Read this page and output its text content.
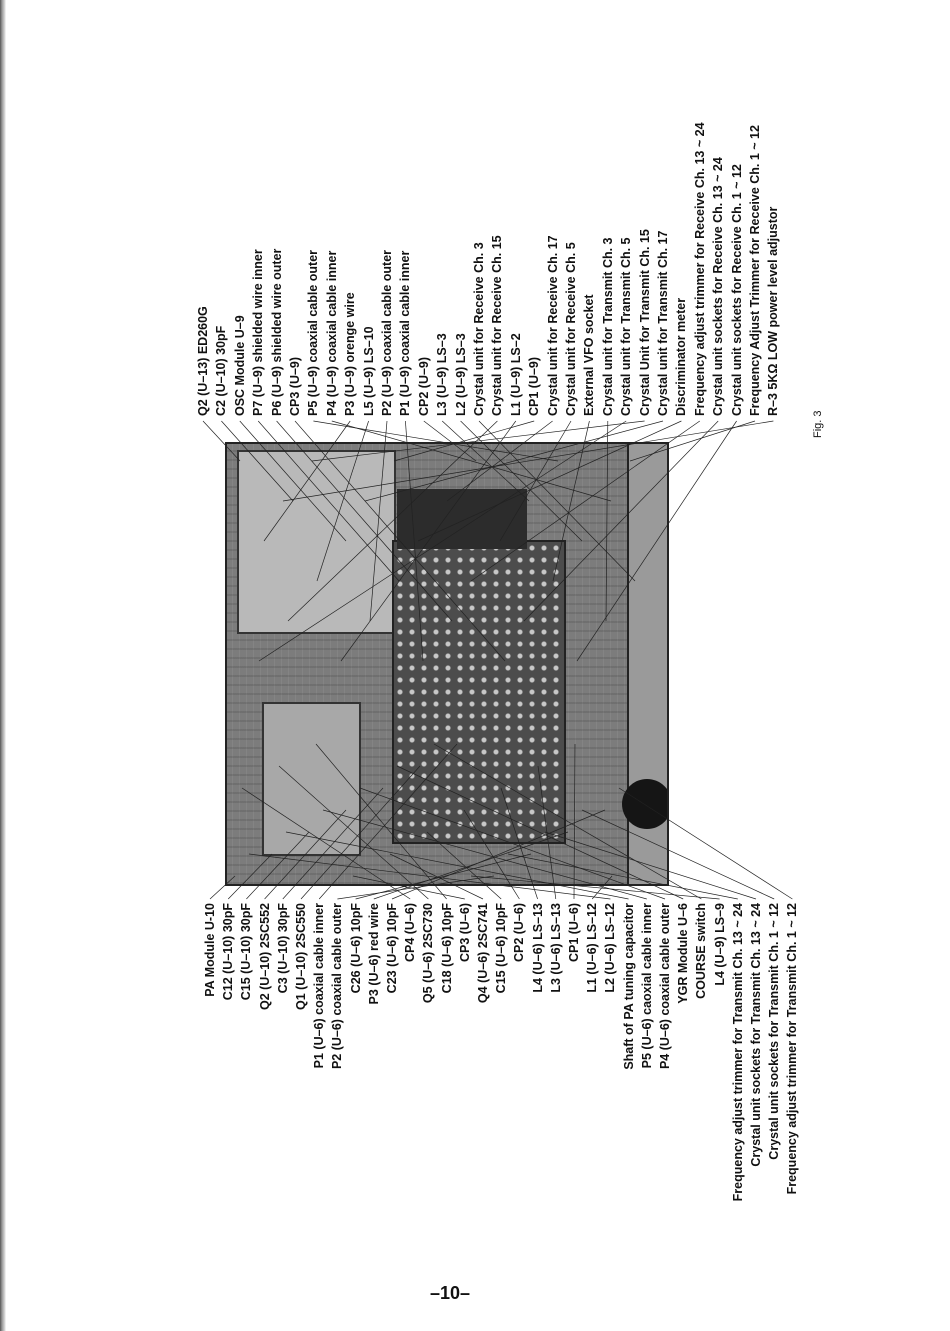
PA Module U-10 C12 (U–10) 30pF C15 (U–10) 30pF Q2 (U–10) 2SC552 C3 (U–10) 30pF Q1 (U–10) 2SC550 P1 (U–6) coaxial cable inner P2 (U–6) coaxial cable outer C26 (U–6) 10pF P3 (U–6) red wire C23 (U–6) 10pF CP4 (U–6) Q5 (U–6) 2SC730 C18 (U–6) 10pF CP3 (U–6) Q4 (U–6) 2SC741 C15 (U–6) 10pF CP2 (U–6) L4 (U–6) LS–13 L3 (U–6) LS–13 CP1 (U–6) L1 (U–6) LS–12 L2 (U–6) LS–12 Shaft of PA tuning capacitor P5 (U–6) caoxial cable inner P4 (U–6) coaxial cable outer YGR Module U–6 COURSE switch L4 (U–9) LS–9 Frequency adjust trimmer for Transmit Ch. 13 ~ 24 Crystal unit sockets for Transmit Ch. 13 ~ 24 Crystal unit sockets for Transmit Ch. 1 ~ 12 Frequency adjust trimmer for Transmit Ch. 1 ~ 12
Q2 (U–13) ED260G C2 (U–10) 30pF OSC Module U–9 P7 (U–9) shielded wire inner P6 (U–9) shielded wire outer CP3 (U–9) P5 (U–9) coaxial cable outer P4 (U–9) coaxial cable inner P3 (U–9) orenge wire L5 (U–9) LS–10 P2 (U–9) coaxial cable outer P1 (U–9) coaxial cable inner CP2 (U–9) L3 (U–9) LS–3 L2 (U–9) LS–3 Crystal unit for Receive Ch. 3 Crystal unit for Receive Ch. 15 L1 (U–9) LS–2 CP1 (U–9) Crystal unit for Receive Ch. 17 Crystal unit for Receive Ch. 5 External VFO socket Crystal unit for Transmit Ch. 3 Crystal unit for Transmit Ch. 5 Crystal Unit for Transmit Ch. 15 Crystal unit for Transmit Ch. 17 Discriminator meter Frequency adjust trimmer for Receive Ch. 13 ~ 24 Crystal unit sockets for Receive Ch. 13 ~ 24 Crystal unit sockets for Receive Ch. 1 ~ 12 Frequency Adjust Trimmer for Receive Ch. 1 ~ 12 R–3 5KΩ LOW power level adjustor
Fig. 3
–10–
